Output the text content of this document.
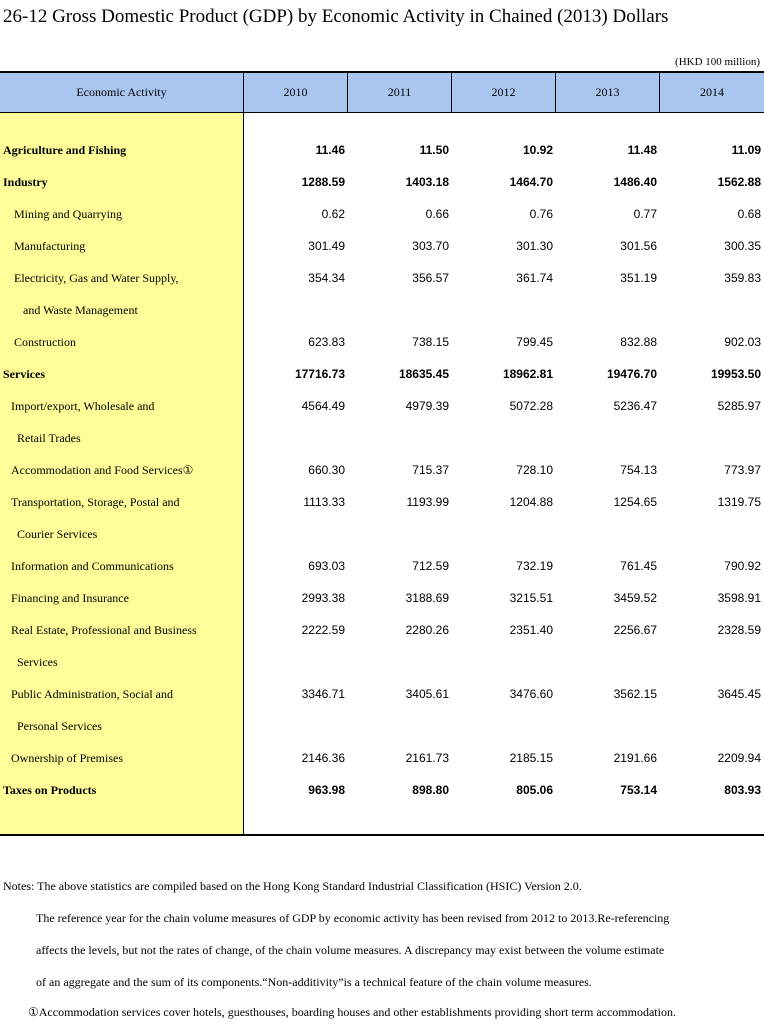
26-12 Gross Domestic Product (GDP) by Economic Activity in Chained (2013) Dollars
(HKD 100 million)
Economic Activity	2010	2011	2012	2013	2014
Agriculture and Fishing	11.46	11.50	10.92	11.48	11.09
Industry	1288.59	1403.18	1464.70	1486.40	1562.88
Mining and Quarrying	0.62	0.66	0.76	0.77	0.68
Manufacturing	301.49	303.70	301.30	301.56	300.35
Electricity, Gas and Water Supply,	354.34	356.57	361.74	351.19	359.83
and Waste Management
Construction	623.83	738.15	799.45	832.88	902.03
Services	17716.73	18635.45	18962.81	19476.70	19953.50
Import/export, Wholesale and	4564.49	4979.39	5072.28	5236.47	5285.97
Retail Trades
Accommodation and Food Services①	660.30	715.37	728.10	754.13	773.97
Transportation, Storage, Postal and	1113.33	1193.99	1204.88	1254.65	1319.75
Courier Services
Information and Communications	693.03	712.59	732.19	761.45	790.92
Financing and Insurance	2993.38	3188.69	3215.51	3459.52	3598.91
Real Estate, Professional and Business	2222.59	2280.26	2351.40	2256.67	2328.59
Services
Public Administration, Social and	3346.71	3405.61	3476.60	3562.15	3645.45
Personal Services
Ownership of Premises	2146.36	2161.73	2185.15	2191.66	2209.94
Taxes on Products	963.98	898.80	805.06	753.14	803.93
Notes: The above statistics are compiled based on the Hong Kong Standard Industrial Classification (HSIC) Version 2.0.
The reference year for the chain volume measures of GDP by economic activity has been revised from 2012 to 2013.Re-referencing
affects the levels, but not the rates of change, of the chain volume measures. A discrepancy may exist between the volume estimate
of an aggregate and the sum of its components.“Non-additivity”is a technical feature of the chain volume measures.
①Accommodation services cover hotels, guesthouses, boarding houses and other establishments providing short term accommodation.
